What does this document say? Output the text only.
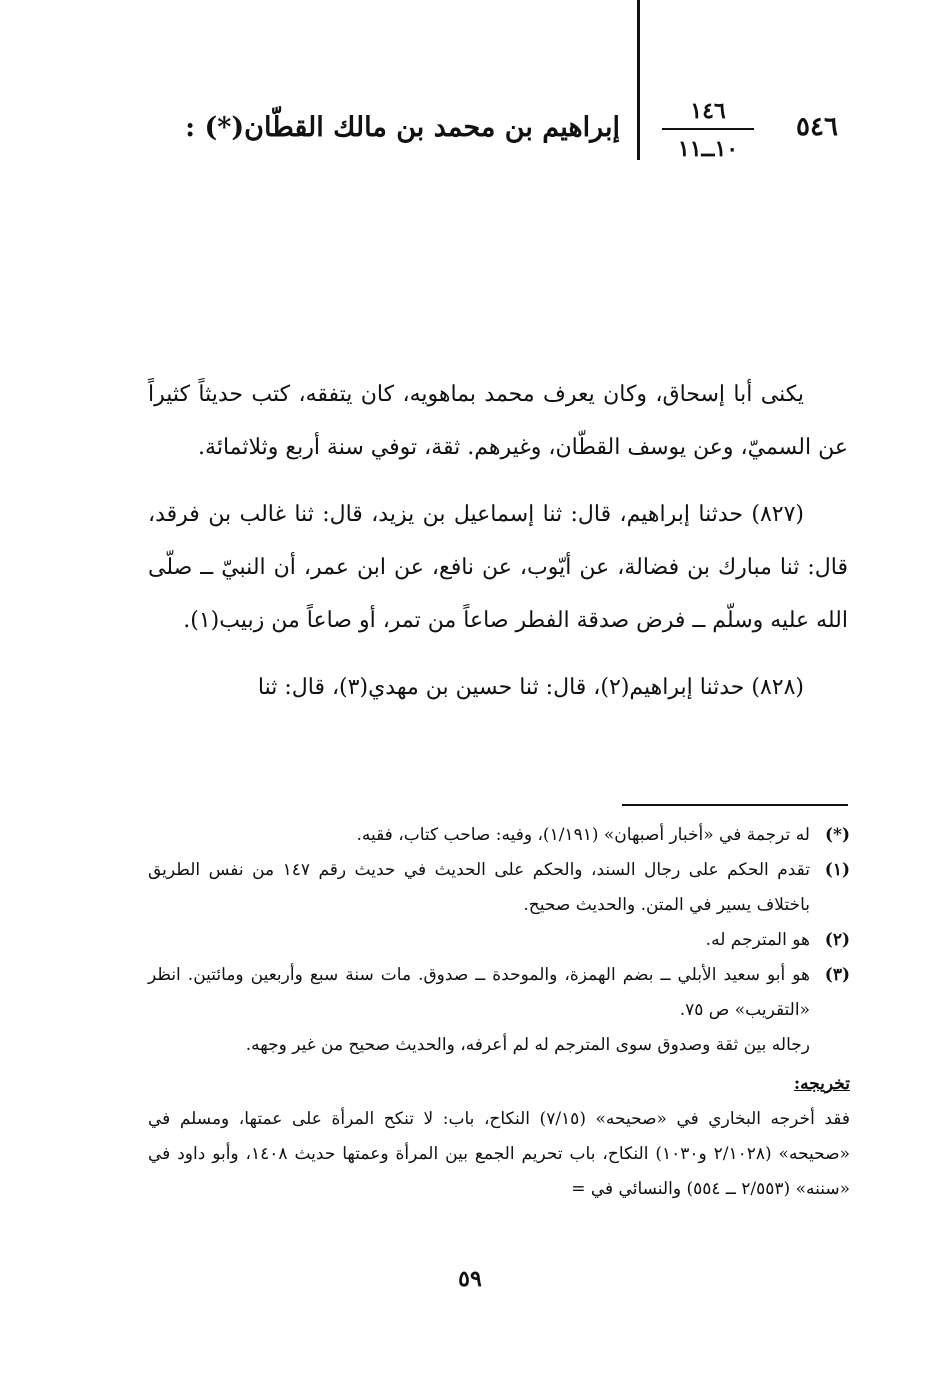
٥٤٦
١٤٦
١٠ــ١١
إبراهيم بن محمد بن مالك القطّان(*) :

يكنى أبا إسحاق، وكان يعرف محمد بماهويه، كان يتفقه، كتب حديثاً كثيراً عن السميّ، وعن يوسف القطّان، وغيرهم. ثقة، توفي سنة أربع وثلاثمائة.

(٨٢٧) حدثنا إبراهيم، قال: ثنا إسماعيل بن يزيد، قال: ثنا غالب بن فرقد، قال: ثنا مبارك بن فضالة، عن أيّوب، عن نافع، عن ابن عمر، أن النبيّ ــ صلّى الله عليه وسلّم ــ فرض صدقة الفطر صاعاً من تمر، أو صاعاً من زبيب(١).

(٨٢٨) حدثنا إبراهيم(٢)، قال: ثنا حسين بن مهدي(٣)، قال: ثنا

(*)
له ترجمة في «أخبار أصبهان» (١/١٩١)، وفيه: صاحب كتاب، فقيه.
(١)
تقدم الحكم على رجال السند، والحكم على الحديث في حديث رقم ١٤٧ من نفس الطريق باختلاف يسير في المتن. والحديث صحيح.
(٢)
هو المترجم له.
(٣)
هو أبو سعيد الأبلي ــ بضم الهمزة، والموحدة ــ صدوق. مات سنة سبع وأربعين ومائتين. انظر «التقريب» ص ٧٥.
رجاله بين ثقة وصدوق سوى المترجم له لم أعرفه، والحديث صحيح من غير وجهه.
تخريجه:
فقد أخرجه البخاري في «صحيحه» (٧/١٥) النكاح، باب: لا تنكح المرأة على عمتها، ومسلم في «صحيحه» (٢/١٠٢٨ و١٠٣٠) النكاح، باب تحريم الجمع بين المرأة وعمتها حديث ١٤٠٨، وأبو داود في «سننه» (٢/٥٥٣ ــ ٥٥٤) والنسائي في =
٥٩
